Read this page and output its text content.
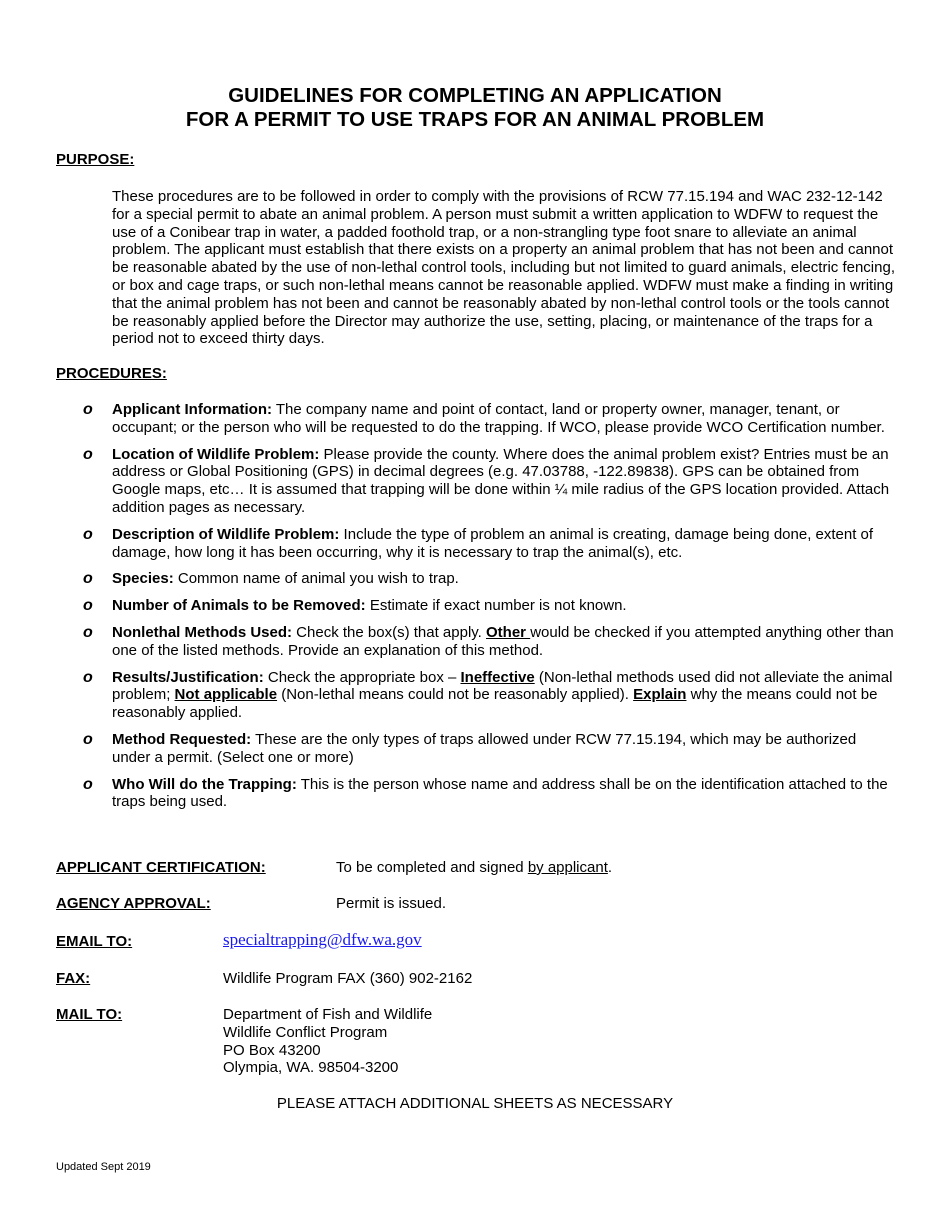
GUIDELINES FOR COMPLETING AN APPLICATION
FOR A PERMIT TO USE TRAPS FOR AN ANIMAL PROBLEM
PURPOSE:

These procedures are to be followed in order to comply with the provisions of RCW 77.15.194 and WAC 232-12-142 for a special permit to abate an animal problem. A person must submit a written application to WDFW to request the use of a Conibear trap in water, a padded foothold trap, or a non-strangling type foot snare to alleviate an animal problem. The applicant must establish that there exists on a property an animal problem that has not been and cannot be reasonable abated by the use of non-lethal control tools, including but not limited to guard animals, electric fencing, or box and cage traps, or such non-lethal means cannot be reasonable applied. WDFW must make a finding in writing that the animal problem has not been and cannot be reasonably abated by non-lethal control tools or the tools cannot be reasonably applied before the Director may authorize the use, setting, placing, or maintenance of the traps for a period not to exceed thirty days.

PROCEDURES:
o Applicant Information: The company name and point of contact, land or property owner, manager, tenant, or occupant; or the person who will be requested to do the trapping. If WCO, please provide WCO Certification number.
o Location of Wildlife Problem: Please provide the county. Where does the animal problem exist? Entries must be an address or Global Positioning (GPS) in decimal degrees (e.g. 47.03788, -122.89838). GPS can be obtained from Google maps, etc… It is assumed that trapping will be done within ¼ mile radius of the GPS location provided. Attach addition pages as necessary.
o Description of Wildlife Problem: Include the type of problem an animal is creating, damage being done, extent of damage, how long it has been occurring, why it is necessary to trap the animal(s), etc.
o Species: Common name of animal you wish to trap.
o Number of Animals to be Removed: Estimate if exact number is not known.
o Nonlethal Methods Used: Check the box(s) that apply. Other would be checked if you attempted anything other than one of the listed methods. Provide an explanation of this method.
o Results/Justification: Check the appropriate box – Ineffective (Non-lethal methods used did not alleviate the animal problem; Not applicable (Non-lethal means could not be reasonably applied). Explain why the means could not be reasonably applied.
o Method Requested: These are the only types of traps allowed under RCW 77.15.194, which may be authorized under a permit. (Select one or more)
o Who Will do the Trapping: This is the person whose name and address shall be on the identification attached to the traps being used.
APPLICANT CERTIFICATION:	To be completed and signed by applicant.
AGENCY APPROVAL:	Permit is issued.
EMAIL TO:	specialtrapping@dfw.wa.gov
FAX:	Wildlife Program FAX (360) 902-2162
MAIL TO:	Department of Fish and Wildlife
Wildlife Conflict Program
PO Box 43200
Olympia, WA. 98504-3200
PLEASE ATTACH ADDITIONAL SHEETS AS NECESSARY
Updated Sept 2019
